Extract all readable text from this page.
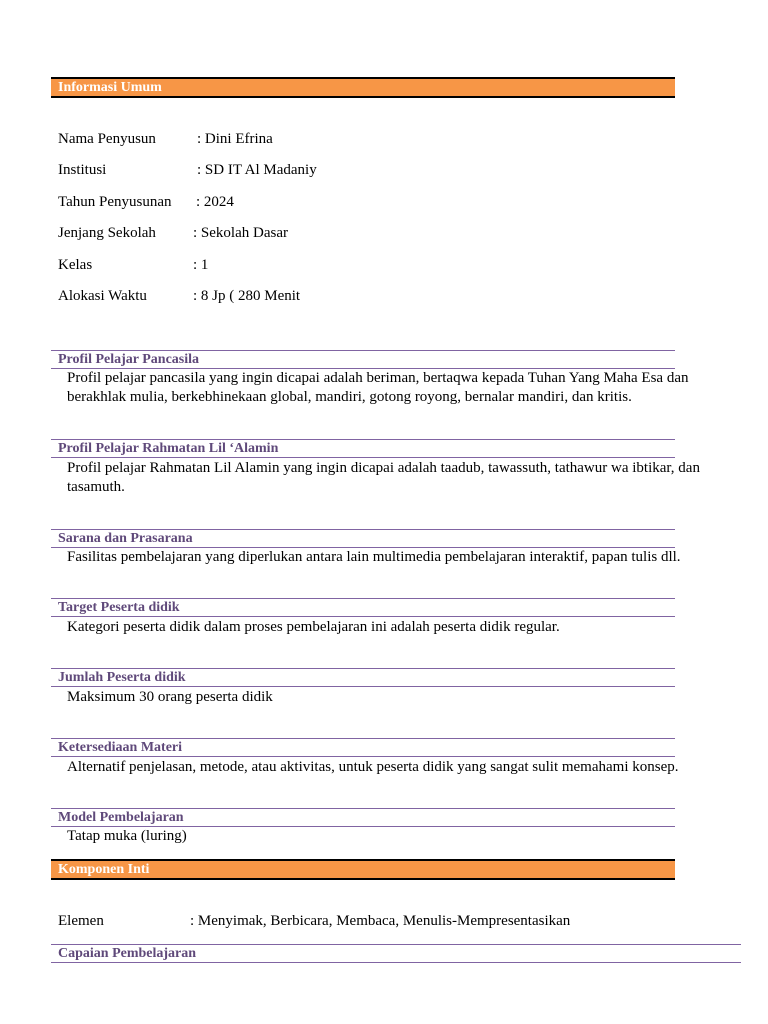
Informasi Umum
Nama Penyusun	: Dini Efrina
Institusi	: SD IT Al Madaniy
Tahun Penyusunan : 2024
Jenjang Sekolah : Sekolah Dasar
Kelas	: 1
Alokasi Waktu	: 8 Jp ( 280 Menit
Profil Pelajar Pancasila
Profil pelajar pancasila yang ingin dicapai adalah beriman, bertaqwa kepada Tuhan Yang Maha Esa dan
berakhlak mulia, berkebhinekaan global, mandiri, gotong royong, bernalar mandiri, dan kritis.
Profil Pelajar Rahmatan Lil ‘Alamin
Profil pelajar Rahmatan Lil Alamin yang ingin dicapai adalah taadub, tawassuth, tathawur wa ibtikar, dan
tasamuth.
Sarana dan Prasarana
Fasilitas pembelajaran yang diperlukan antara lain multimedia pembelajaran interaktif, papan tulis dll.
Target Peserta didik
Kategori peserta didik dalam proses pembelajaran ini adalah peserta didik regular.
Jumlah Peserta didik
Maksimum 30 orang peserta didik
Ketersediaan Materi
Alternatif penjelasan, metode, atau aktivitas, untuk peserta didik yang sangat sulit memahami konsep.
Model Pembelajaran
Tatap muka (luring)
Komponen Inti
Elemen	: Menyimak, Berbicara, Membaca, Menulis-Mempresentasikan
Capaian Pembelajaran
